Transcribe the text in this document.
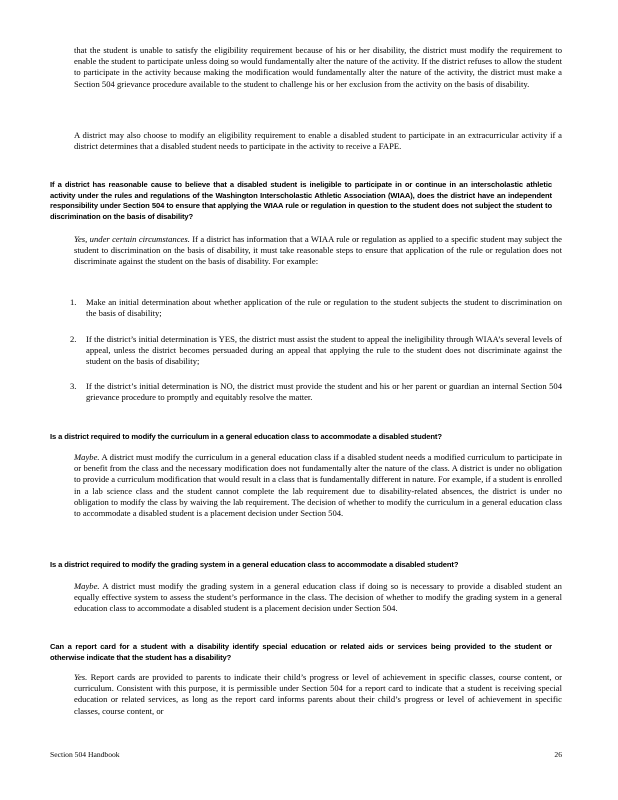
that the student is unable to satisfy the eligibility requirement because of his or her disability, the district must modify the requirement to enable the student to participate unless doing so would fundamentally alter the nature of the activity. If the district refuses to allow the student to participate in the activity because making the modification would fundamentally alter the nature of the activity, the district must make a Section 504 grievance procedure available to the student to challenge his or her exclusion from the activity on the basis of disability.

A district may also choose to modify an eligibility requirement to enable a disabled student to participate in an extracurricular activity if a district determines that a disabled student needs to participate in the activity to receive a FAPE.

If a district has reasonable cause to believe that a disabled student is ineligible to participate in or continue in an interscholastic athletic activity under the rules and regulations of the Washington Interscholastic Athletic Association (WIAA), does the district have an independent responsibility under Section 504 to ensure that applying the WIAA rule or regulation in question to the student does not subject the student to discrimination on the basis of disability?

Yes, under certain circumstances. If a district has information that a WIAA rule or regulation as applied to a specific student may subject the student to discrimination on the basis of disability, it must take reasonable steps to ensure that application of the rule or regulation does not discriminate against the student on the basis of disability. For example:

1.	Make an initial determination about whether application of the rule or regulation to the student subjects the student to discrimination on the basis of disability;
2.	If the district’s initial determination is YES, the district must assist the student to appeal the ineligibility through WIAA’s several levels of appeal, unless the district becomes persuaded during an appeal that applying the rule to the student does not discriminate against the student on the basis of disability;
3.	If the district’s initial determination is NO, the district must provide the student and his or her parent or guardian an internal Section 504 grievance procedure to promptly and equitably resolve the matter.

Is a district required to modify the curriculum in a general education class to accommodate a disabled student?

Maybe. A district must modify the curriculum in a general education class if a disabled student needs a modified curriculum to participate in or benefit from the class and the necessary modification does not fundamentally alter the nature of the class. A district is under no obligation to provide a curriculum modification that would result in a class that is fundamentally different in nature. For example, if a student is enrolled in a lab science class and the student cannot complete the lab requirement due to disability-related absences, the district is under no obligation to modify the class by waiving the lab requirement. The decision of whether to modify the curriculum in a general education class to accommodate a disabled student is a placement decision under Section 504.

Is a district required to modify the grading system in a general education class to accommodate a disabled student?

Maybe. A district must modify the grading system in a general education class if doing so is necessary to provide a disabled student an equally effective system to assess the student’s performance in the class. The decision of whether to modify the grading system in a general education class to accommodate a disabled student is a placement decision under Section 504.

Can a report card for a student with a disability identify special education or related aids or services being provided to the student or otherwise indicate that the student has a disability?

Yes. Report cards are provided to parents to indicate their child’s progress or level of achievement in specific classes, course content, or curriculum. Consistent with this purpose, it is permissible under Section 504 for a report card to indicate that a student is receiving special education or related services, as long as the report card informs parents about their child’s progress or level of achievement in specific classes, course content, or

Section 504 Handbook	26
